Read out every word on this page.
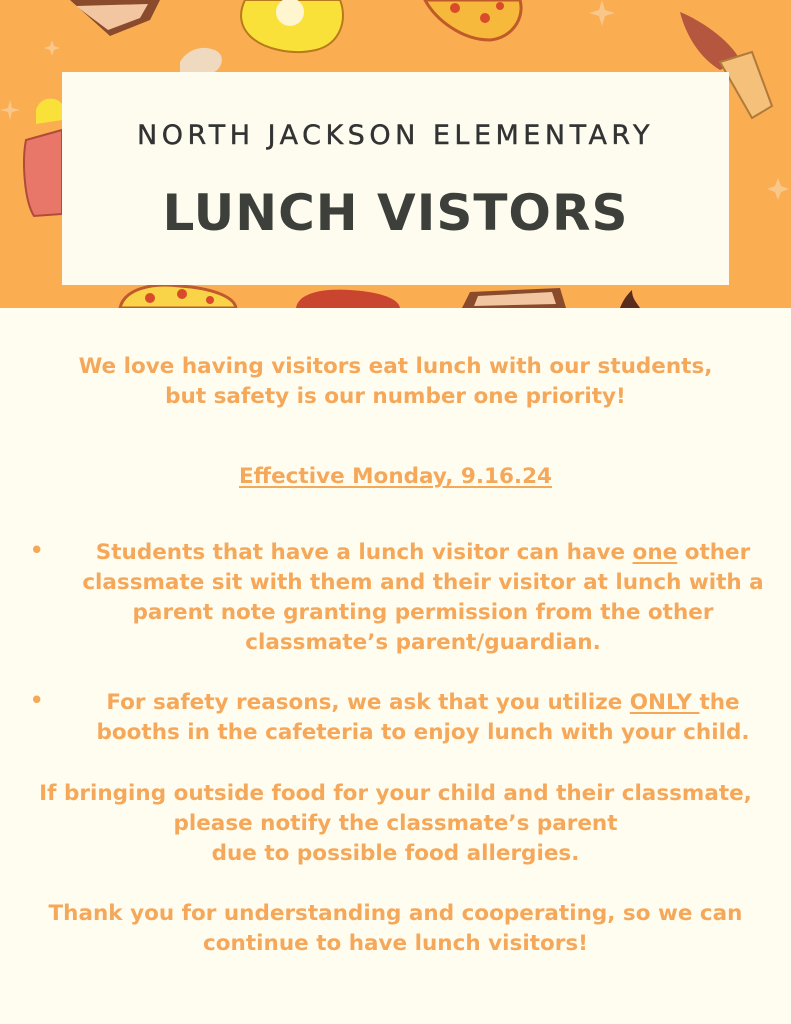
NORTH JACKSON ELEMENTARY
LUNCH VISTORS
We love having visitors eat lunch with our students,
but safety is our number one priority!
Effective Monday, 9.16.24
•	Students that have a lunch visitor can have one other
classmate sit with them and their visitor at lunch with a
parent note granting permission from the other
classmate’s parent/guardian.
•	For safety reasons, we ask that you utilize ONLY the
booths in the cafeteria to enjoy lunch with your child.
If bringing outside food for your child and their classmate,
please notify the classmate’s parent
due to possible food allergies.
Thank you for understanding and cooperating, so we can
continue to have lunch visitors!
